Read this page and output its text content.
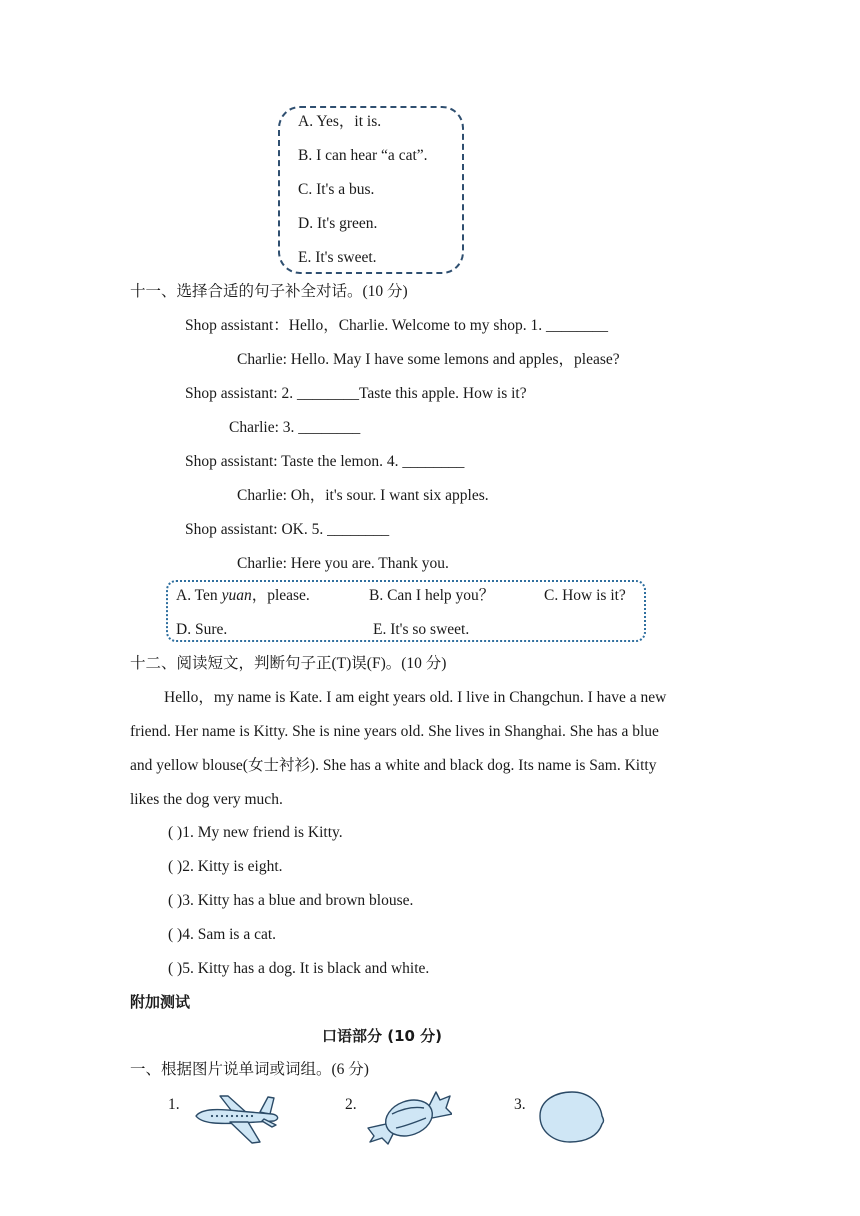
A. Yes，it is.
B. I can hear “a cat”.
C. It's a bus.
D. It's green.
E. It's sweet.
十一、选择合适的句子补全对话。(10 分)
Shop assistant：Hello，Charlie. Welcome to my shop. 1. ________
Charlie: Hello. May I have some lemons and apples，please?
Shop assistant: 2. ________Taste this apple. How is it?
Charlie: 3. ________
Shop assistant: Taste the lemon. 4. ________
Charlie: Oh，it's sour. I want six apples.
Shop assistant: OK. 5. ________
Charlie: Here you are. Thank you.
A. Ten yuan，please.	B. Can I help you？	C. How is it?
D. Sure.	E. It's so sweet.
十二、阅读短文，判断句子正(T)误(F)。(10 分)
Hello，my name is Kate. I am eight years old. I live in Changchun. I have a new
friend. Her name is Kitty. She is nine years old. She lives in Shanghai. She has a blue
and yellow blouse(女士衬衫). She has a white and black dog. Its name is Sam. Kitty
likes the dog very much.
( )1. My new friend is Kitty.
( )2. Kitty is eight.
( )3. Kitty has a blue and brown blouse.
( )4. Sam is a cat.
( )5. Kitty has a dog. It is black and white.
附加测试
口语部分 (10 分)
一、根据图片说单词或词组。(6 分)
1.	2.	3.
